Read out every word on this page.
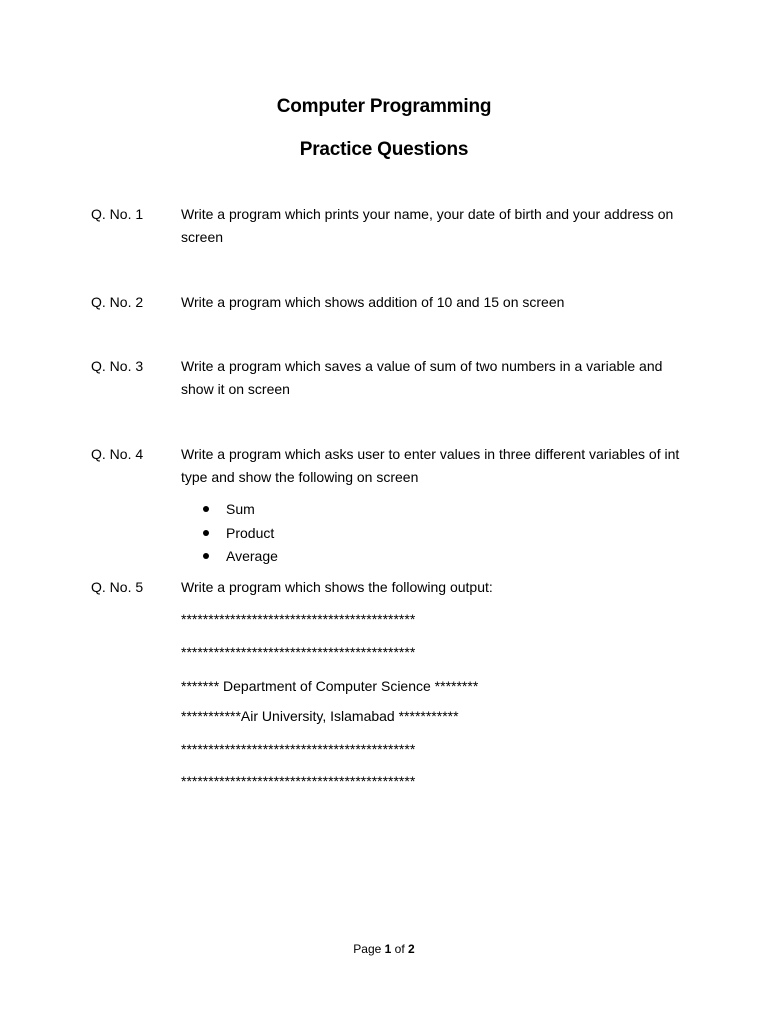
Computer Programming
Practice Questions
Q. No. 1	Write a program which prints your name, your date of birth and your address on screen
Q. No. 2	Write a program which shows addition of 10 and 15 on screen
Q. No. 3	Write a program which saves a value of sum of two numbers in a variable and show it on screen
Q. No. 4	Write a program which asks user to enter values in three different variables of int type and show the following on screen
Sum
Product
Average
Q. No. 5	Write a program which shows the following output:
*******************************************
*******************************************
******* Department of Computer Science ********
***********Air University, Islamabad ***********
*******************************************
*******************************************
Page 1 of 2
